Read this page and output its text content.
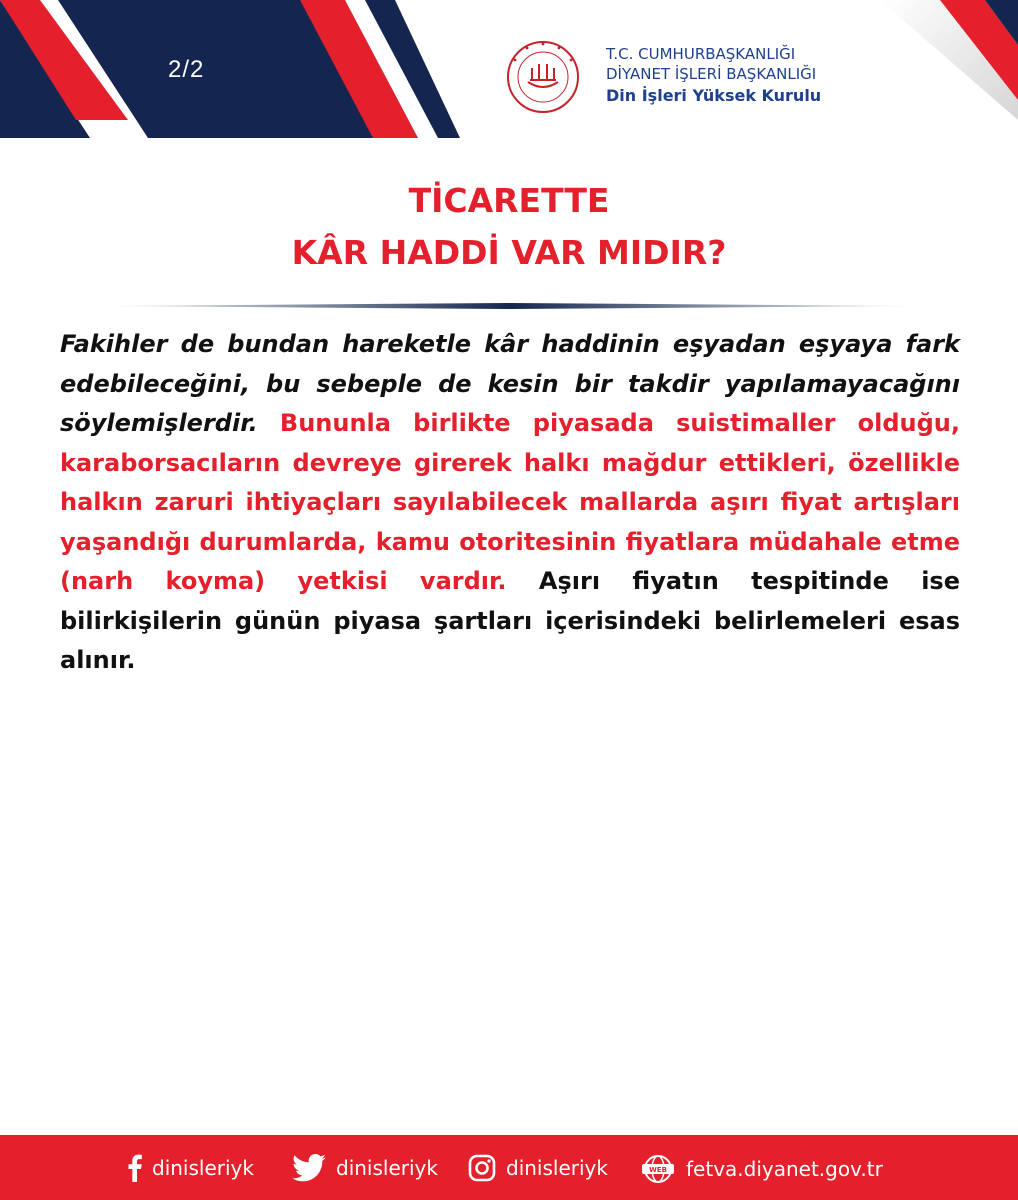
2/2
T.C. CUMHURBAŞKANLIĞI
DİYANET İŞLERİ BAŞKANLIĞI
Din İşleri Yüksek Kurulu
TİCARETTE
KÂR HADDİ VAR MIDIR?
Fakihler de bundan hareketle kâr haddinin eşyadan eşyaya fark edebileceğini, bu sebeple de kesin bir takdir yapılamayacağını söylemişlerdir. Bununla birlikte piyasada suistimaller olduğu, karaborsacıların devreye girerek halkı mağdur ettikleri, özellikle halkın zaruri ihtiyaçları sayılabilecek mallarda aşırı fiyat artışları yaşandığı durumlarda, kamu otoritesinin fiyatlara müdahale etme (narh koyma) yetkisi vardır. Aşırı fiyatın tespitinde ise bilirkişilerin günün piyasa şartları içerisindeki belirlemeleri esas alınır.
dinisleriyk	dinisleriyk	dinisleriyk	WEB fetva.diyanet.gov.tr
